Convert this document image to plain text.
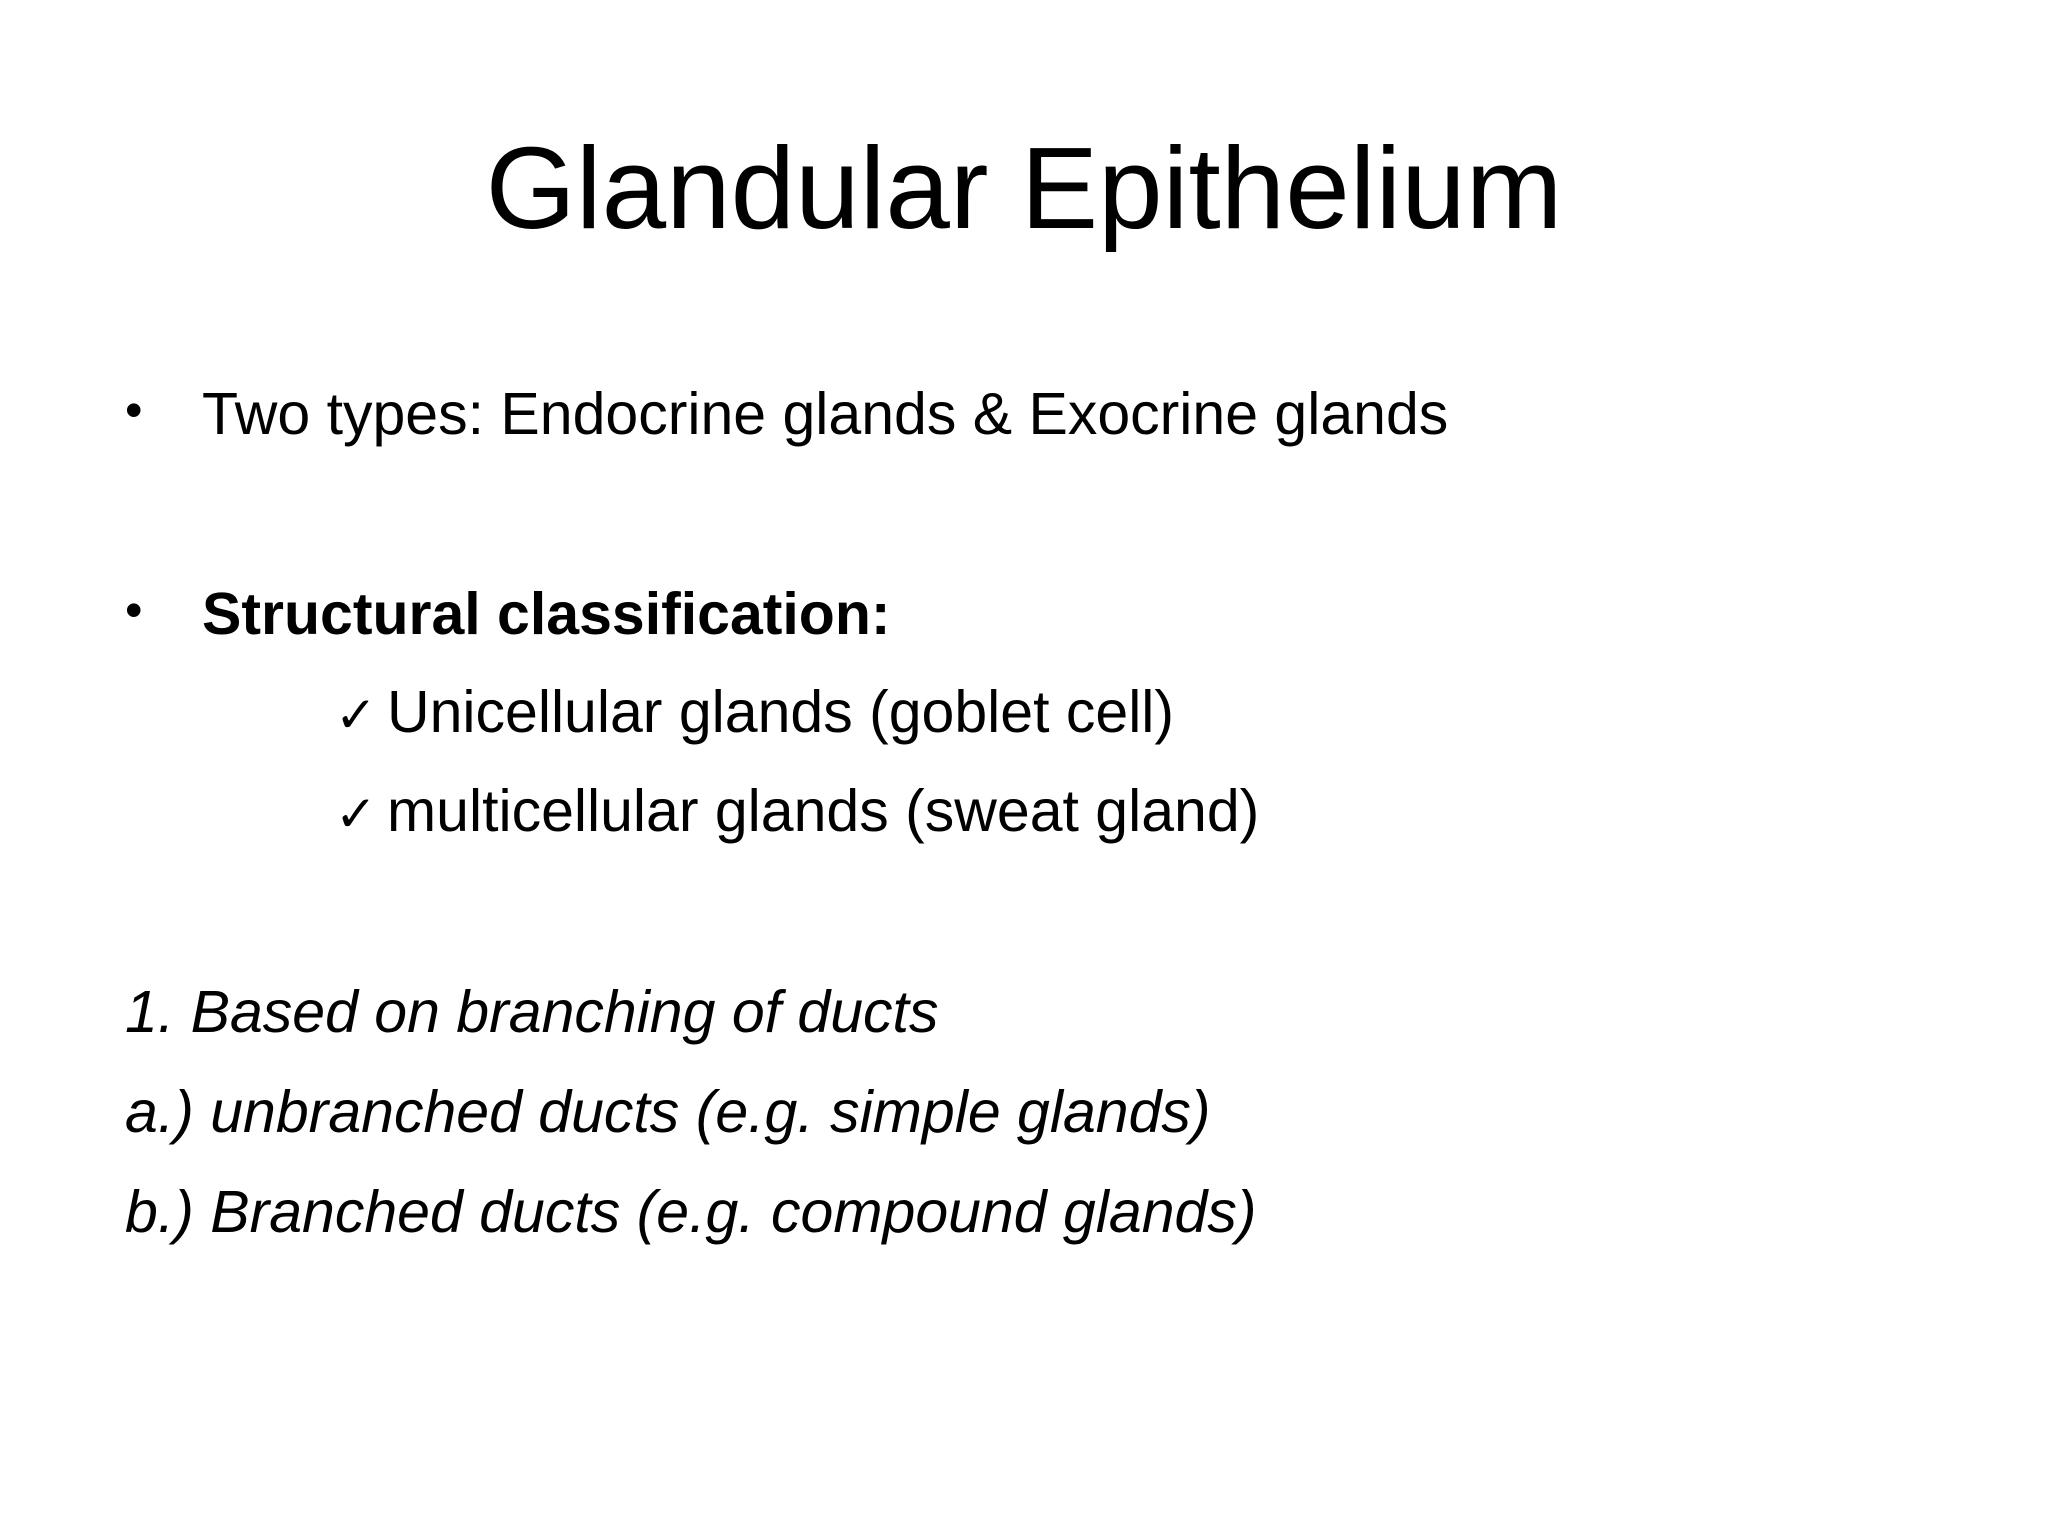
Glandular Epithelium
•	Two types: Endocrine glands & Exocrine glands
•	Structural classification:
✓ Unicellular glands (goblet cell)
✓ multicellular glands (sweat gland)
1. Based on branching of ducts
a.) unbranched ducts (e.g. simple glands)
b.) Branched ducts (e.g. compound glands)
